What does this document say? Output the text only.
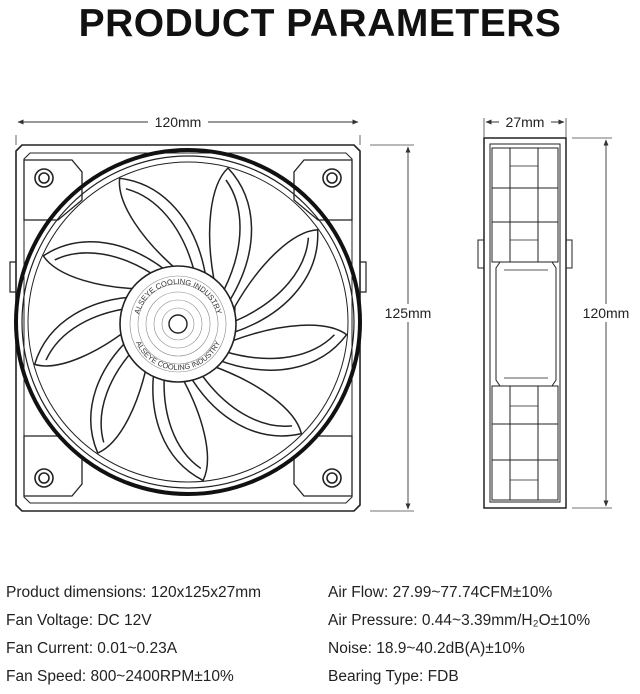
PRODUCT PARAMETERS
ALSEYE COOLING INDUSTRY
ALSEYE COOLING INDUSTRY
120mm
125mm
27mm
120mm
Product dimensions: 120x125x27mm
Fan Voltage: DC 12V
Fan Current: 0.01~0.23A
Fan Speed: 800~2400RPM±10%
Air Flow: 27.99~77.74CFM±10%
Air Pressure: 0.44~3.39mm/H₂O±10%
Noise: 18.9~40.2dB(A)±10%
Bearing Type: FDB
